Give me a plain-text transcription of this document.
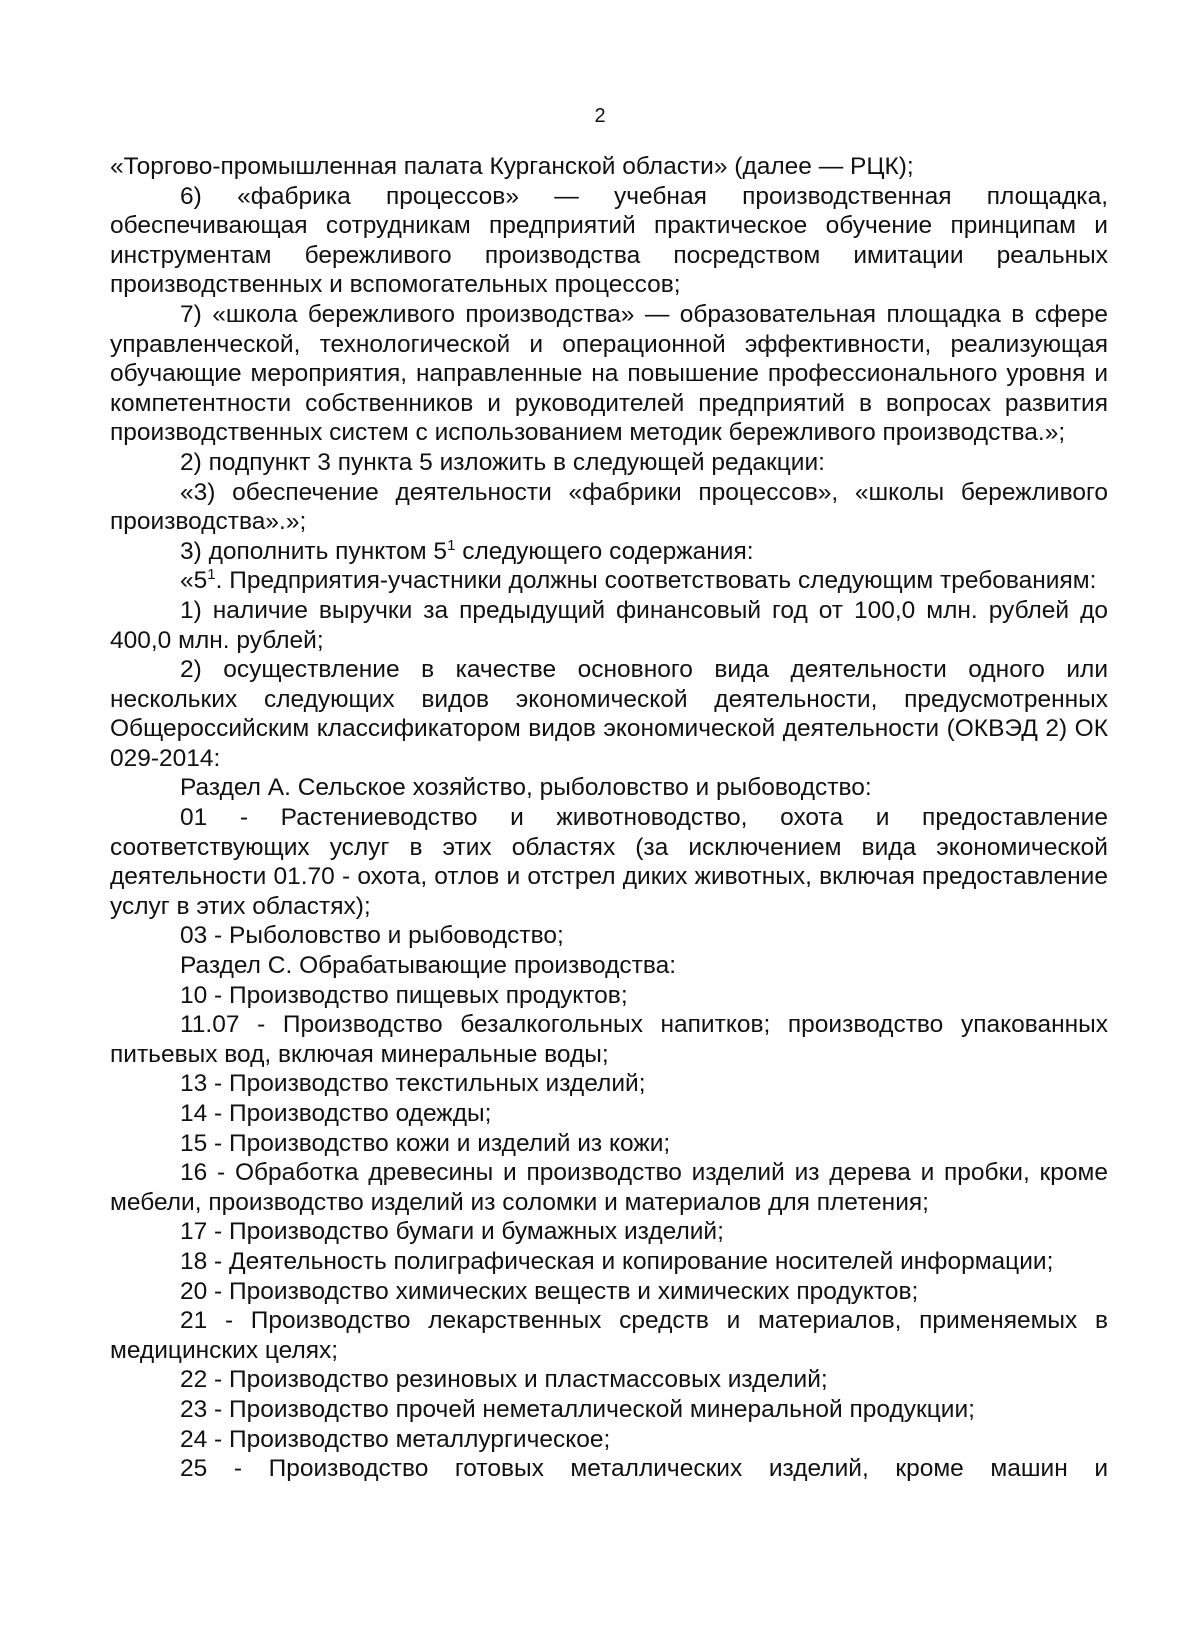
2

«Торгово-промышленная палата Курганской области» (далее — РЦК);

6) «фабрика процессов» — учебная производственная площадка, обеспечивающая сотрудникам предприятий практическое обучение принципам и инструментам бережливого производства посредством имитации реальных производственных и вспомогательных процессов;

7) «школа бережливого производства» — образовательная площадка в сфере управленческой, технологической и операционной эффективности, реализующая обучающие мероприятия, направленные на повышение профессионального уровня и компетентности собственников и руководителей предприятий в вопросах развития производственных систем с использованием методик бережливого производства.»;

2) подпункт 3 пункта 5 изложить в следующей редакции:

«3) обеспечение деятельности «фабрики процессов», «школы бережливого производства».»;

3) дополнить пунктом $5^1$ следующего содержания:

«$5^1$. Предприятия-участники должны соответствовать следующим требованиям:

1) наличие выручки за предыдущий финансовый год от 100,0 млн. рублей до 400,0 млн. рублей;

2) осуществление в качестве основного вида деятельности одного или нескольких следующих видов экономической деятельности, предусмотренных Общероссийским классификатором видов экономической деятельности (ОКВЭД 2) ОК 029-2014:

Раздел А. Сельское хозяйство, рыболовство и рыбоводство:

01 - Растениеводство и животноводство, охота и предоставление соответствующих услуг в этих областях (за исключением вида экономической деятельности 01.70 - охота, отлов и отстрел диких животных, включая предоставление услуг в этих областях);

03 - Рыболовство и рыбоводство;

Раздел С. Обрабатывающие производства:

10 - Производство пищевых продуктов;

11.07 - Производство безалкогольных напитков; производство упакованных питьевых вод, включая минеральные воды;

13 - Производство текстильных изделий;

14 - Производство одежды;

15 - Производство кожи и изделий из кожи;

16 - Обработка древесины и производство изделий из дерева и пробки, кроме мебели, производство изделий из соломки и материалов для плетения;

17 - Производство бумаги и бумажных изделий;

18 - Деятельность полиграфическая и копирование носителей информации;

20 - Производство химических веществ и химических продуктов;

21 - Производство лекарственных средств и материалов, применяемых в медицинских целях;

22 - Производство резиновых и пластмассовых изделий;

23 - Производство прочей неметаллической минеральной продукции;

24 - Производство металлургическое;

25 - Производство готовых металлических изделий, кроме машин и
